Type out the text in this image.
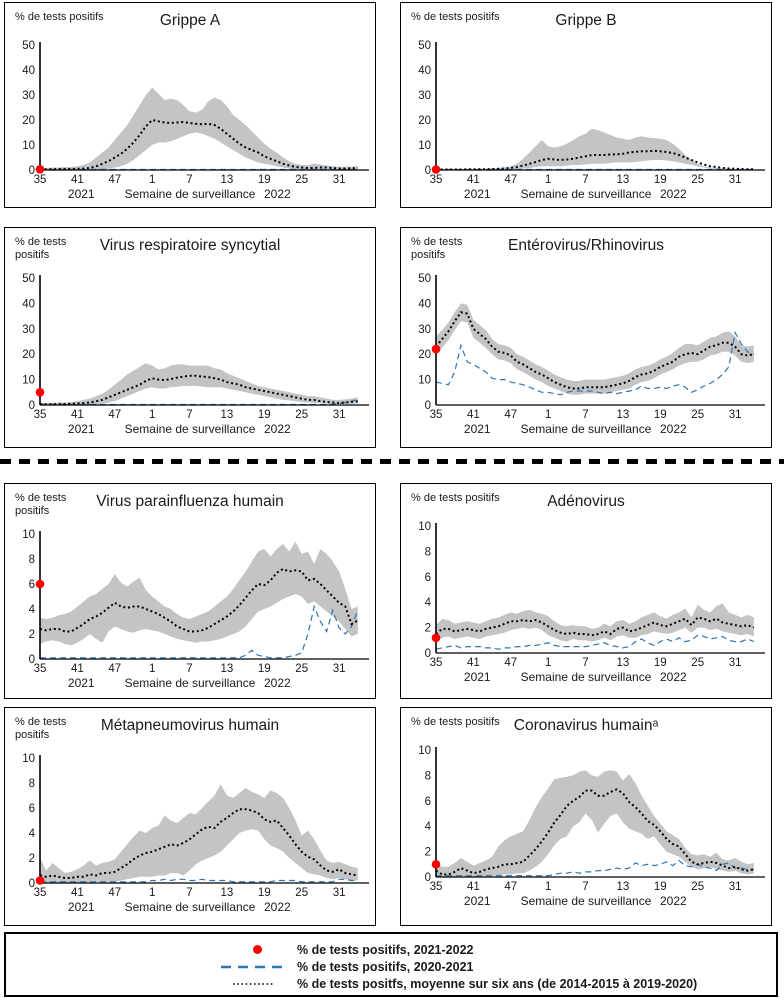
% de tests positifs	Grippe A
0
10
20
30
40
50
35 41 47 1	7 13 19 25 31
2021	Semaine de surveillance 2022
% de tests positifs	Grippe B
0
10
20
30
40
50
35 41 47 1	7 13 19 25 31
2021	Semaine de surveillance 2022
% de tests positifs
Virus respiratoire syncytial
0
10
20
30
40
50
35 41 47 1	7 13 19 25 31
2021	Semaine de surveillance 2022
% de tests positifs
Entérovirus/Rhinovirus
0
10
20
30
40
50
35 41 47 1	7 13 19 25 31
2021	Semaine de surveillance 2022
% de tests positifs
Virus parainfluenza humain
0
2
4
6
8
10
35 41 47 1	7 13 19 25 31
2021	Semaine de surveillance 2022
% de tests positifs	Adénovirus
0
2
4
6
8
10
35 41 47 1	7 13 19 25 31
2021	Semaine de surveillance 2022
% de tests positifs
Métapneumovirus humain
0
2
4
6
8
10
35 41 47 1	7 13 19 25 31
2021	Semaine de surveillance 2022
% de tests positifs Coronavirus humainᵃ
0
2
4
6
8
10
35 41 47 1	7 13 19 25 31
2021	Semaine de surveillance 2022
% de tests positifs, 2021-2022
% de tests positifs, 2020-2021
% de tests positfs, moyenne sur six ans (de 2014-2015 à 2019-2020)
